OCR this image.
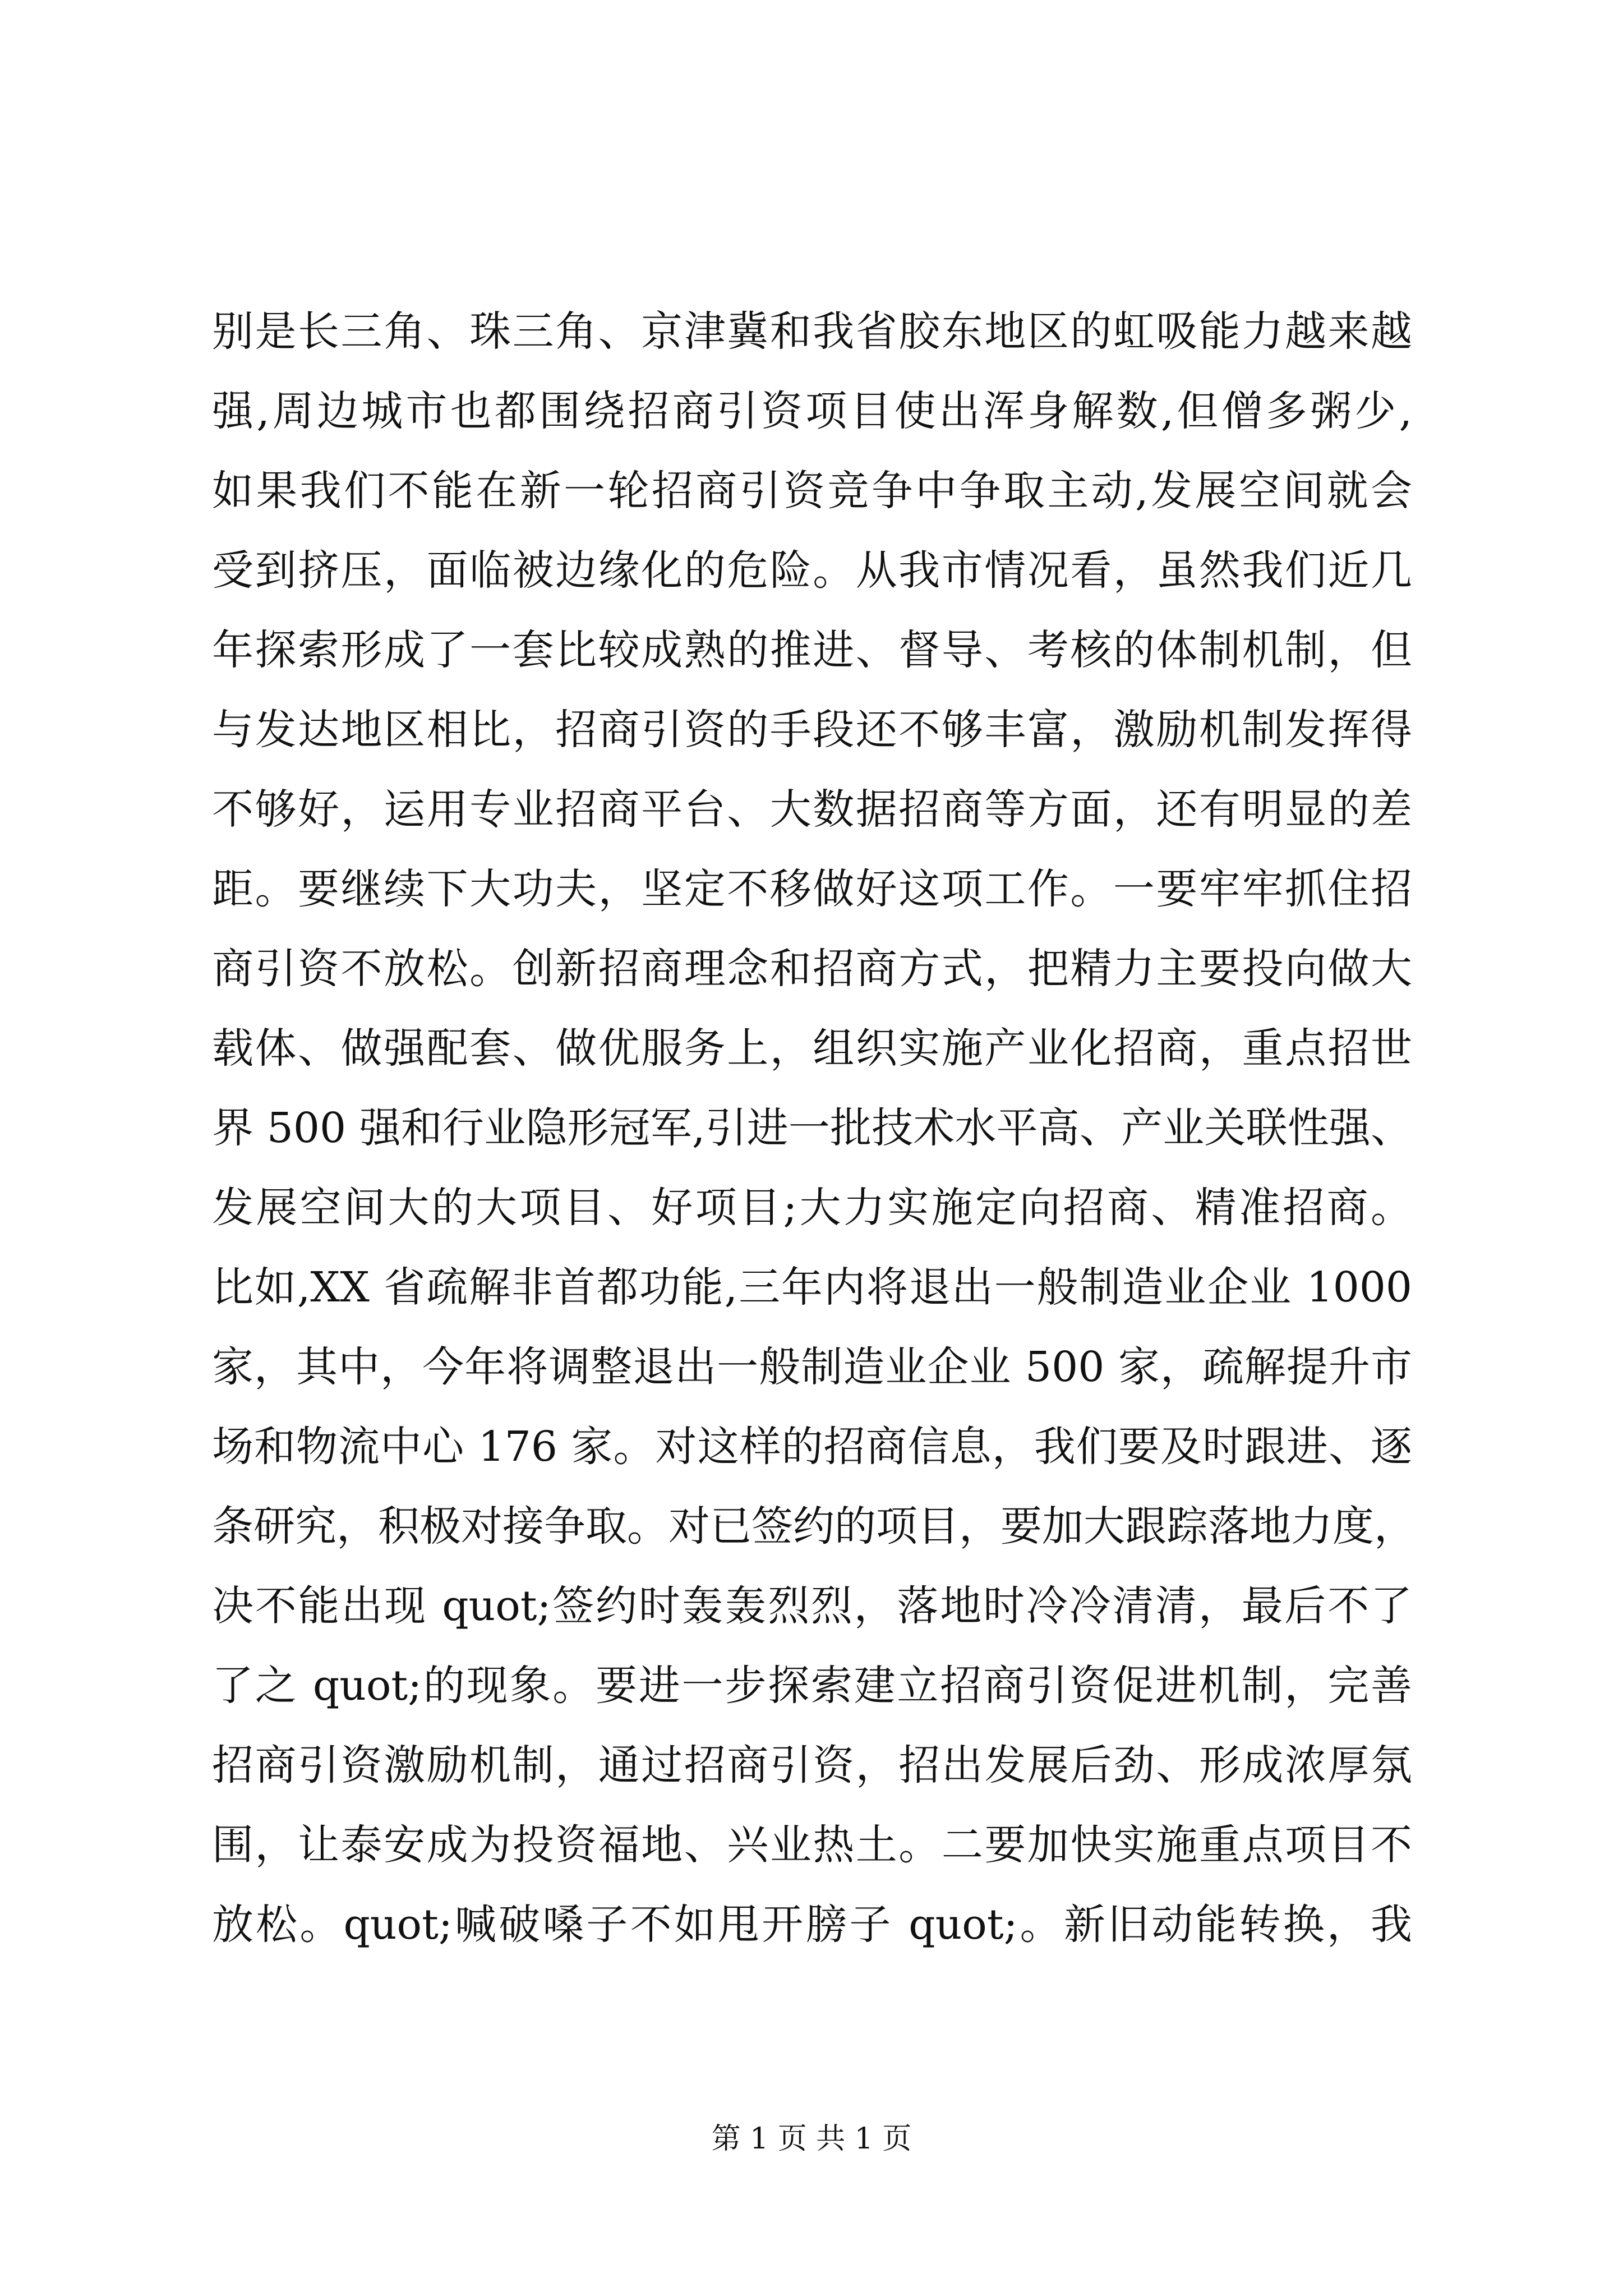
别是长三角、珠三角、京津冀和我省胶东地区的虹吸能力越来越
强,周边城市也都围绕招商引资项目使出浑身解数,但僧多粥少,
如果我们不能在新一轮招商引资竞争中争取主动,发展空间就会
受到挤压，面临被边缘化的危险。从我市情况看，虽然我们近几
年探索形成了一套比较成熟的推进、督导、考核的体制机制，但
与发达地区相比，招商引资的手段还不够丰富，激励机制发挥得
不够好，运用专业招商平台、大数据招商等方面，还有明显的差
距。要继续下大功夫，坚定不移做好这项工作。一要牢牢抓住招
商引资不放松。创新招商理念和招商方式，把精力主要投向做大
载体、做强配套、做优服务上，组织实施产业化招商，重点招世
界 500 强和行业隐形冠军,引进一批技术水平高、产业关联性强、
发展空间大的大项目、好项目;大力实施定向招商、精准招商。
比如,XX 省疏解非首都功能,三年内将退出一般制造业企业 1000
家，其中，今年将调整退出一般制造业企业 500 家，疏解提升市
场和物流中心 176 家。对这样的招商信息，我们要及时跟进、逐
条研究，积极对接争取。对已签约的项目，要加大跟踪落地力度，
决不能出现 quot;签约时轰轰烈烈，落地时冷冷清清，最后不了
了之 quot;的现象。要进一步探索建立招商引资促进机制，完善
招商引资激励机制，通过招商引资，招出发展后劲、形成浓厚氛
围，让泰安成为投资福地、兴业热土。二要加快实施重点项目不
放松。quot;喊破嗓子不如甩开膀子 quot;。新旧动能转换，我
第 1 页 共 1 页
